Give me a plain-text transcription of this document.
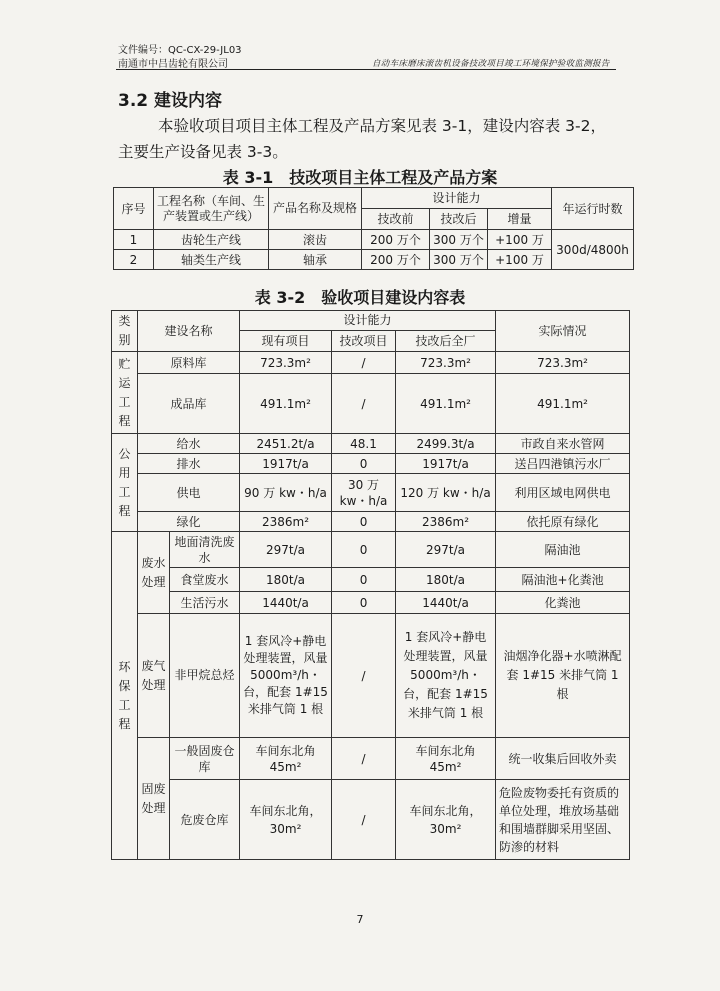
文件编号：QC-CX-29-JL03
南通市中吕齿轮有限公司	自动车床磨床滚齿机设备技改项目竣工环境保护验收监测报告
3.2 建设内容
本验收项目项目主体工程及产品方案见表 3-1，建设内容表 3-2，
主要生产设备见表 3-3。
表 3-1　技改项目主体工程及产品方案
序号	工程名称（车间、生产装置或生产线）	产品名称及规格	设计能力			年运行时数
			技改前	技改后	增量	
1	齿轮生产线	滚齿	200 万个	300 万个	+100 万	300d/4800h
2	轴类生产线	轴承	200 万个	300 万个	+100 万	
表 3-2　验收项目建设内容表
类别	建设名称		设计能力			实际情况
			现有项目	技改项目	技改后全厂	
贮运工程	原料库		723.3m²	/	723.3m²	723.3m²
	成品库		491.1m²	/	491.1m²	491.1m²
公用工程	给水		2451.2t/a	48.1	2499.3t/a	市政自来水管网
	排水		1917t/a	0	1917t/a	送吕四港镇污水厂
	供电		90 万 kw・h/a	30 万 kw・h/a	120 万 kw・h/a	利用区域电网供电
	绿化		2386m²	0	2386m²	依托原有绿化
环保工程	废水处理	地面清洗废水	297t/a	0	297t/a	隔油池
		食堂废水	180t/a	0	180t/a	隔油池+化粪池
		生活污水	1440t/a	0	1440t/a	化粪池
	废气处理	非甲烷总烃	1 套风冷+静电处理装置，风量 5000m³/h・台，配套 1#15 米排气筒 1 根	/	1 套风冷+静电处理装置，风量 5000m³/h・台，配套 1#15 米排气筒 1 根	油烟净化器+水喷淋配套 1#15 米排气筒 1 根
	固废处理	一般固废仓库	车间东北角 45m²	/	车间东北角 45m²	统一收集后回收外卖
		危废仓库	车间东北角，30m²	/	车间东北角，30m²	危险废物委托有资质的单位处理，堆放场基础和围墙群脚采用坚固、防渗的材料
7
